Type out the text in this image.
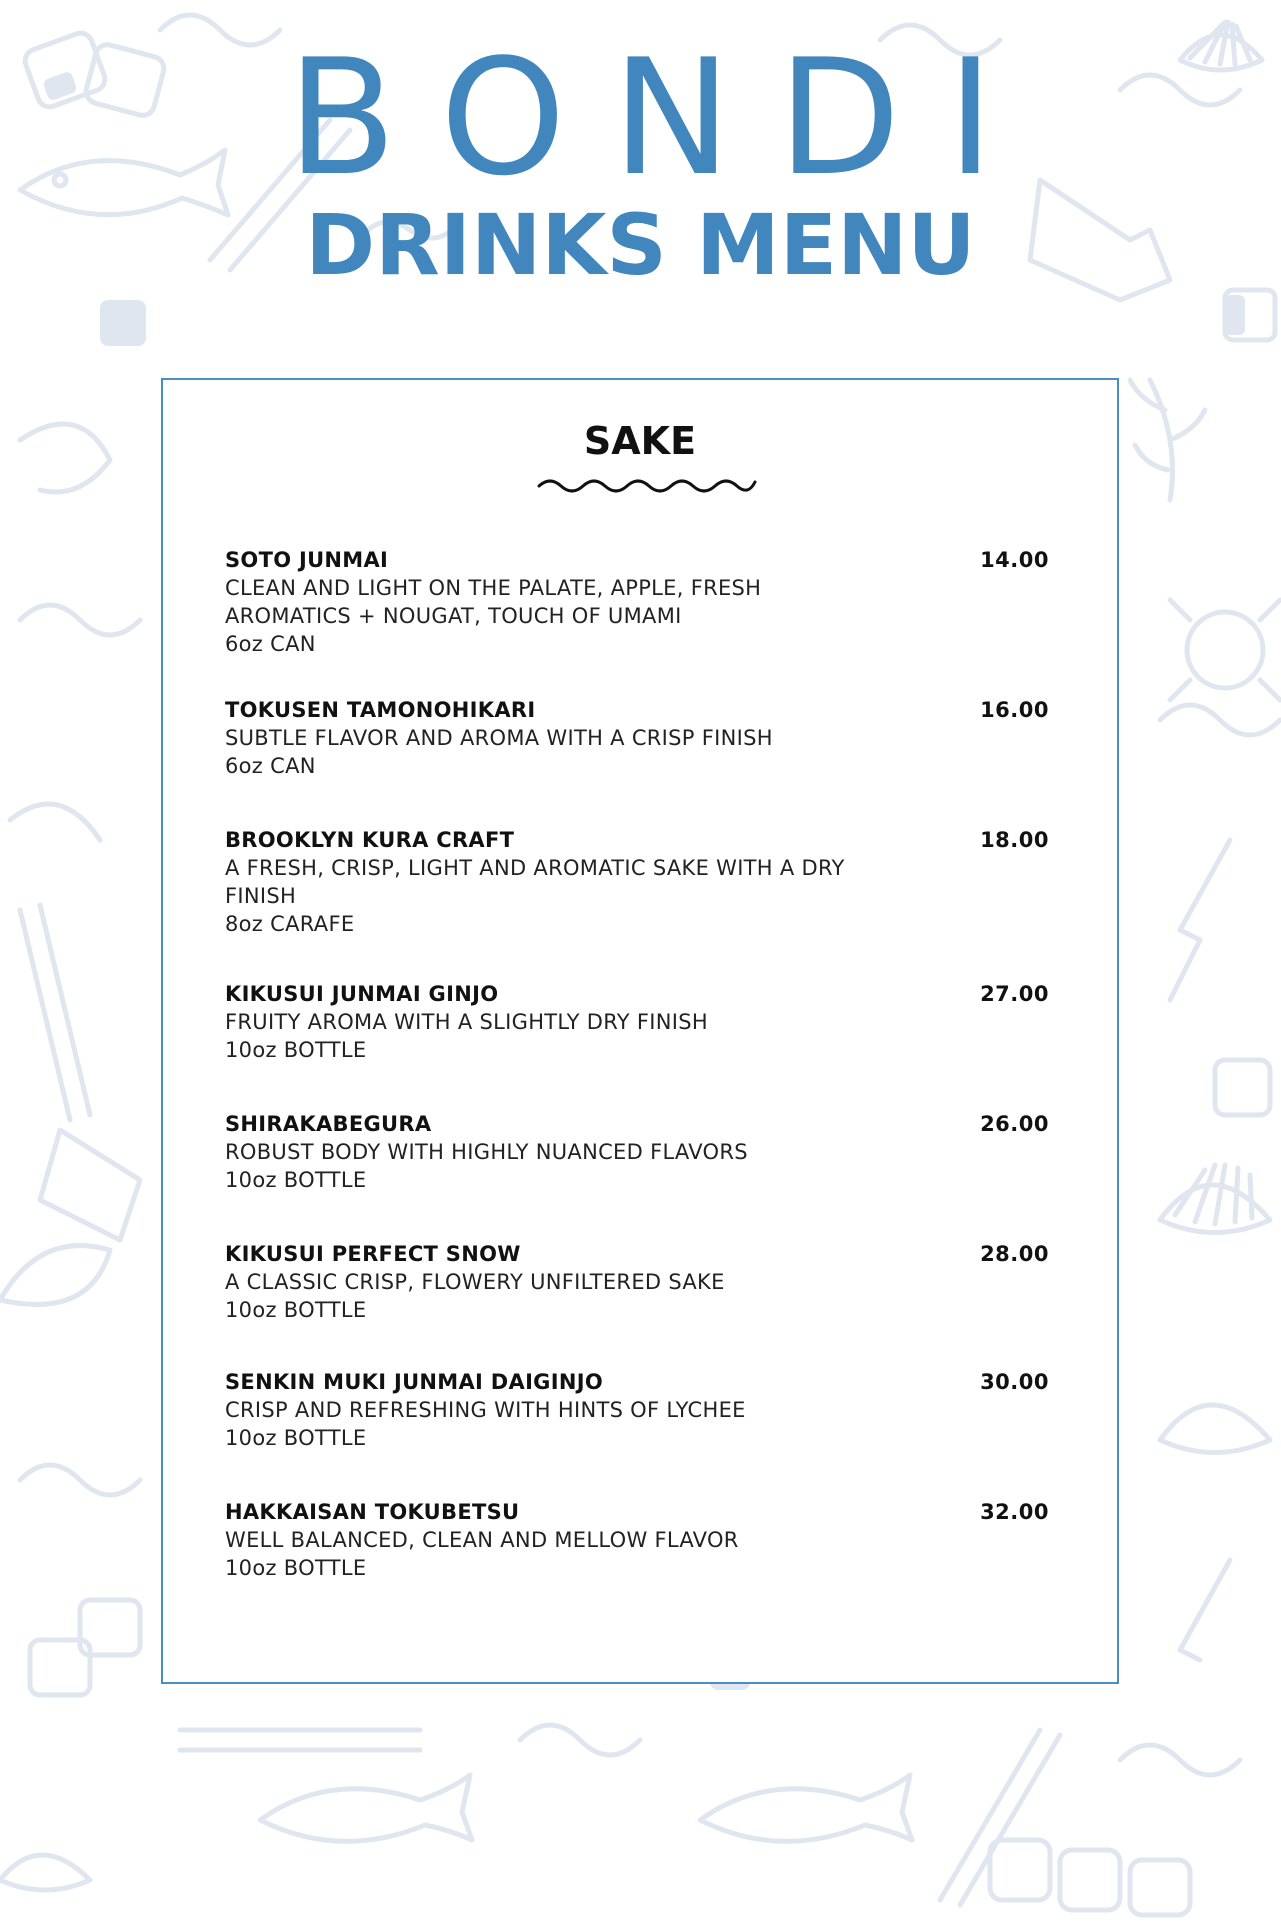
BONDI
DRINKS MENU
SAKE
SOTO JUNMAI
CLEAN AND LIGHT ON THE PALATE, APPLE, FRESH AROMATICS + NOUGAT, TOUCH OF UMAMI
6oz CAN
14.00
TOKUSEN TAMONOHIKARI
SUBTLE FLAVOR AND AROMA WITH A CRISP FINISH
6oz CAN
16.00
BROOKLYN KURA CRAFT
A FRESH, CRISP, LIGHT AND AROMATIC SAKE WITH A DRY FINISH
8oz CARAFE
18.00
KIKUSUI JUNMAI GINJO
FRUITY AROMA WITH A SLIGHTLY DRY FINISH
10oz BOTTLE
27.00
SHIRAKABEGURA
ROBUST BODY WITH HIGHLY NUANCED FLAVORS
10oz BOTTLE
26.00
KIKUSUI PERFECT SNOW
A CLASSIC CRISP, FLOWERY UNFILTERED SAKE
10oz BOTTLE
28.00
SENKIN MUKI JUNMAI DAIGINJO
CRISP AND REFRESHING WITH HINTS OF LYCHEE
10oz BOTTLE
30.00
HAKKAISAN TOKUBETSU
WELL BALANCED, CLEAN AND MELLOW FLAVOR
10oz BOTTLE
32.00
